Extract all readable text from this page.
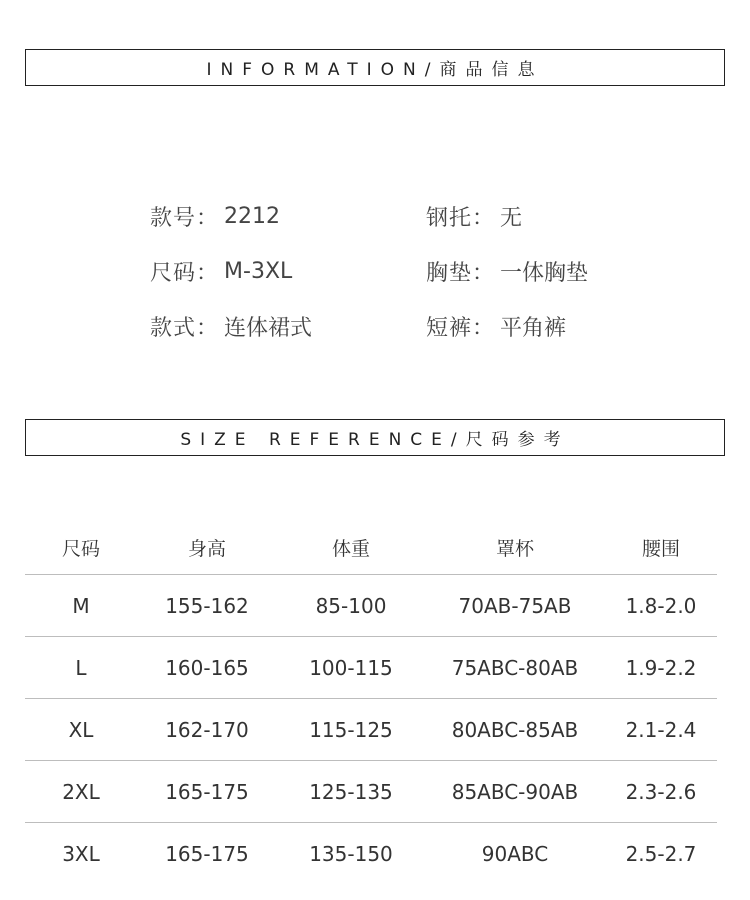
INFORMATION/商品信息
款号 ： 2212	钢托 ： 无
尺码 ： M-3XL	胸垫 ： 一体胸垫
款式 ： 连体裙式	短裤 ： 平角裤
SIZE REFERENCE/尺码参考
尺码	身高	体重	罩杯	腰围
M	155-162	85-100	70AB-75AB	1.8-2.0
L	160-165	100-115	75ABC-80AB	1.9-2.2
XL	162-170	115-125	80ABC-85AB	2.1-2.4
2XL	165-175	125-135	85ABC-90AB	2.3-2.6
3XL	165-175	135-150	90ABC	2.5-2.7
